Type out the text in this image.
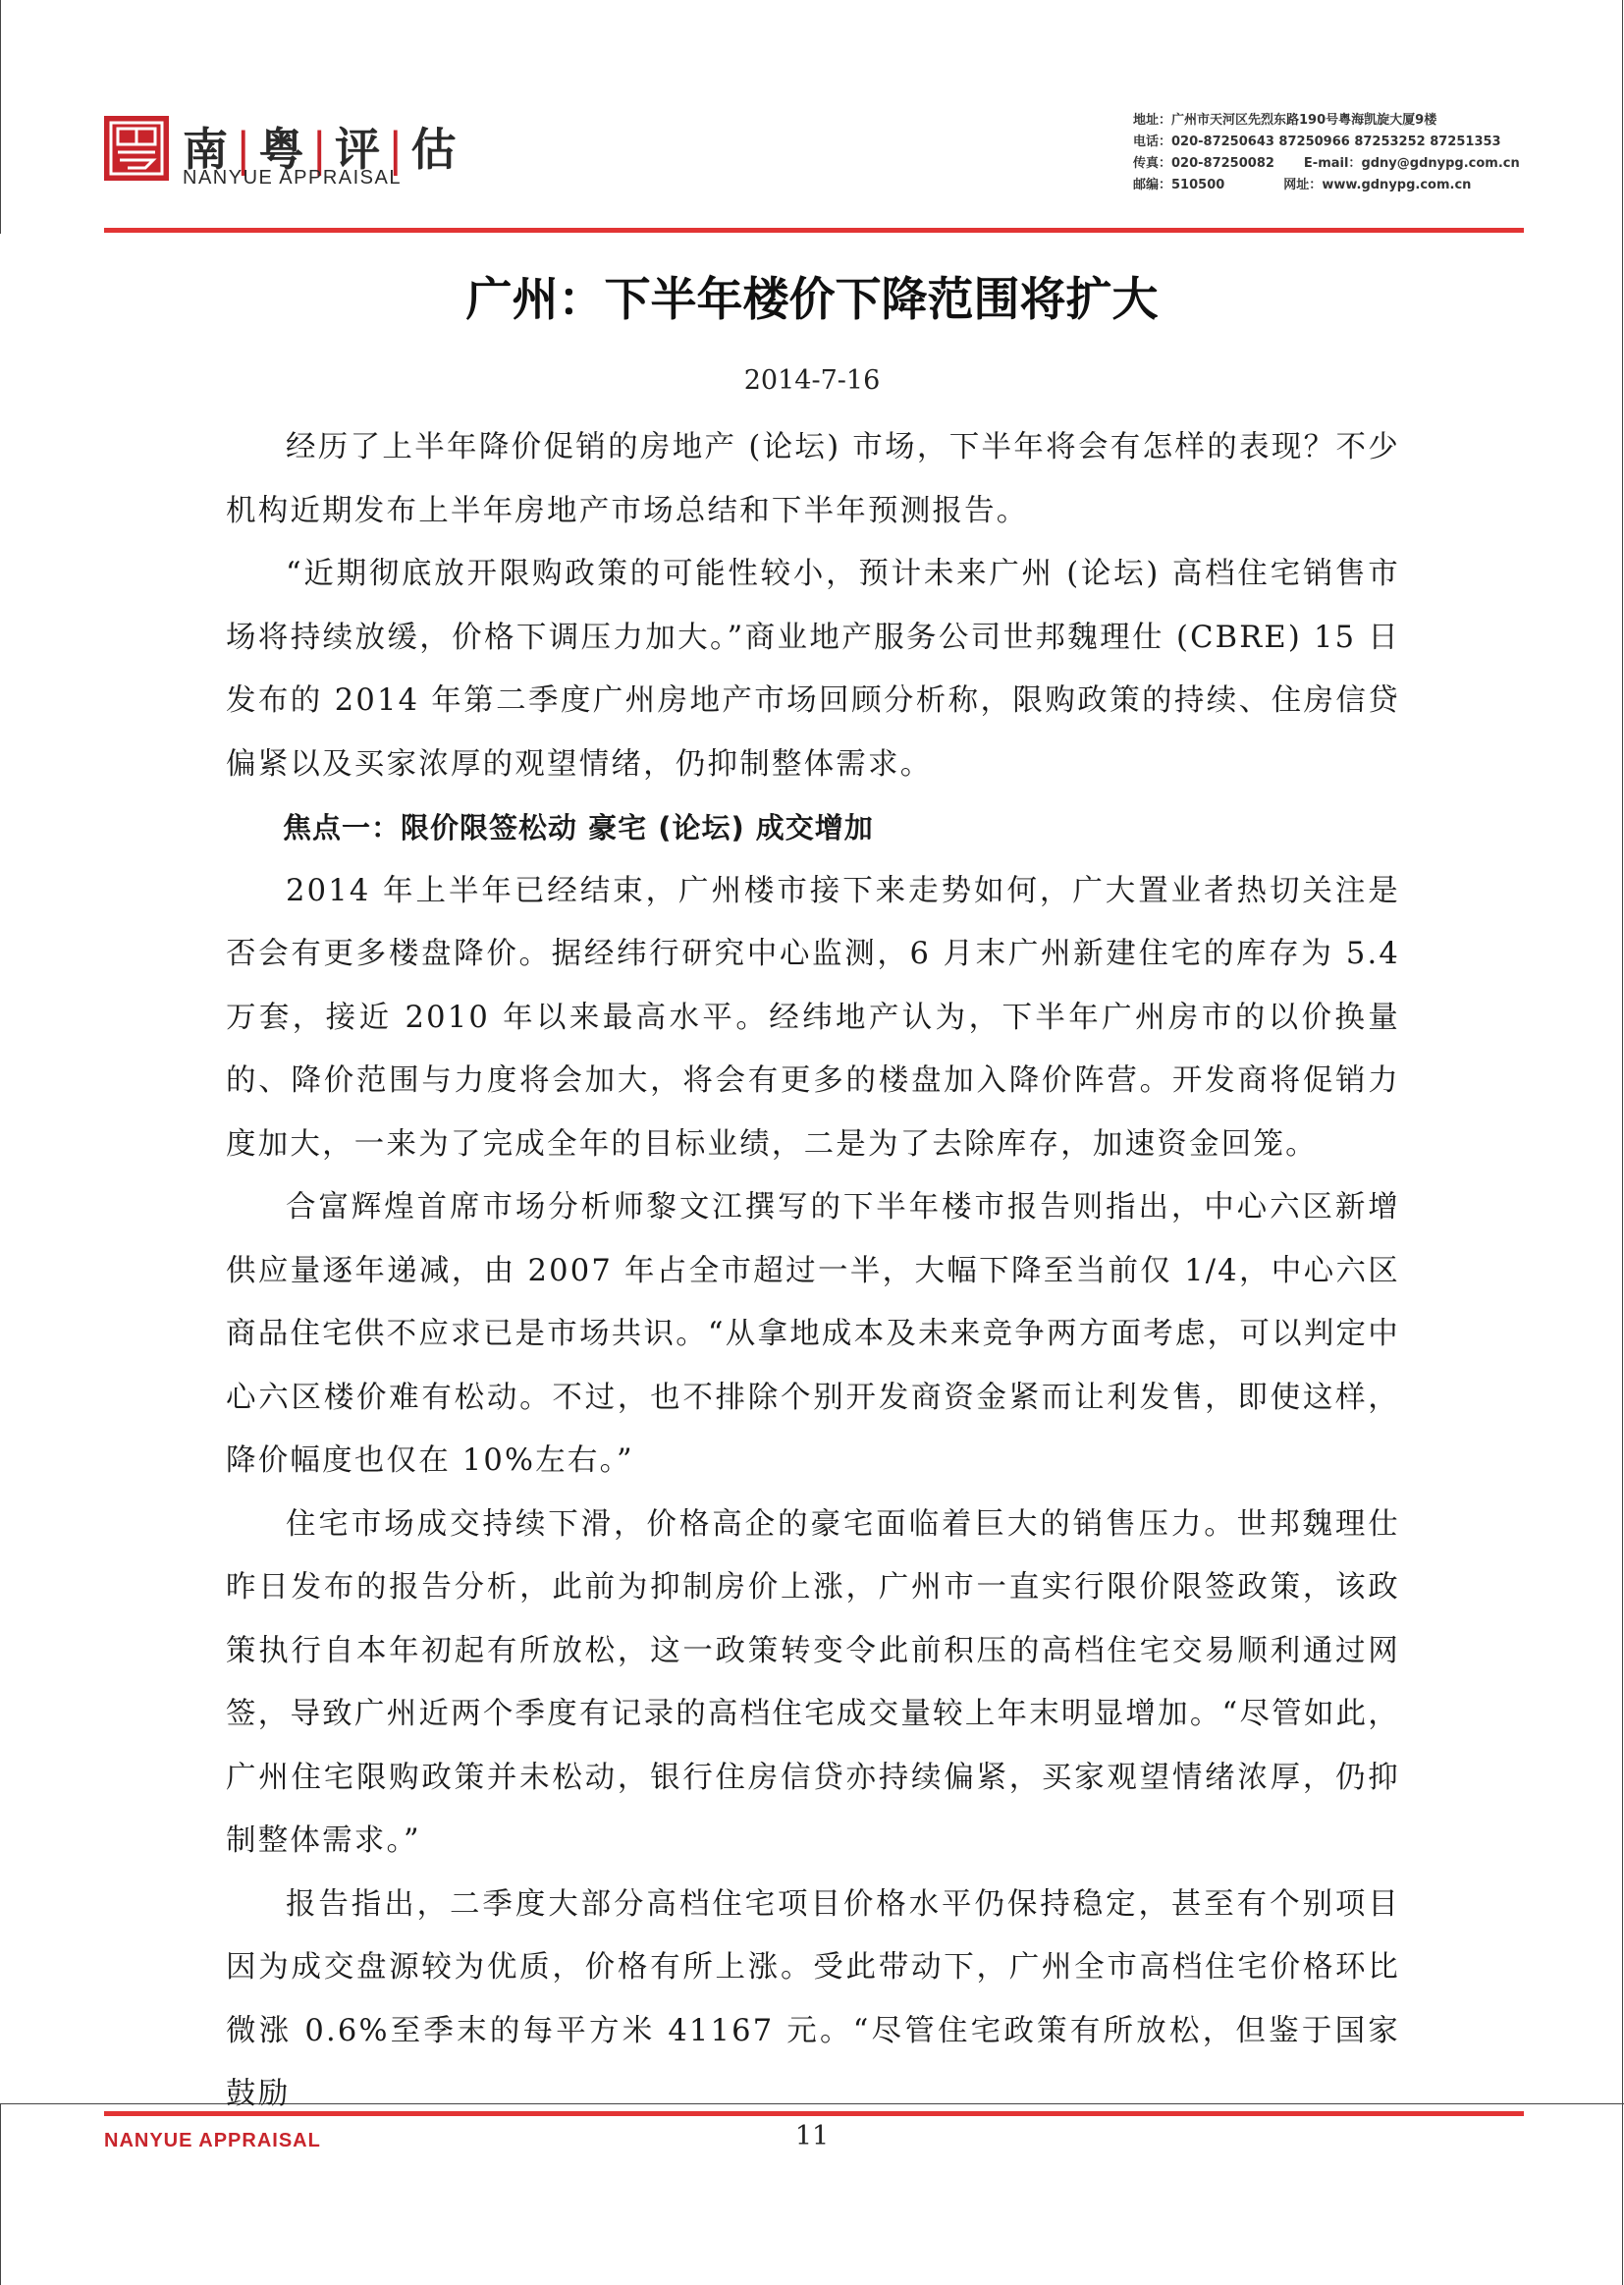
南 | 粤 | 评 | 估
NANYUE APPRAISAL
地址：广州市天河区先烈东路190号粤海凯旋大厦9楼
电话：020-87250643 87250966 87253252 87251353
传真：020-87250082 E-mail：gdny@gdnypg.com.cn
邮编：510500	网址：www.gdnypg.com.cn
广州：下半年楼价下降范围将扩大
2014-7-16

经历了上半年降价促销的房地产 (论坛) 市场，下半年将会有怎样的表现？不少机构近期发布上半年房地产市场总结和下半年预测报告。

“近期彻底放开限购政策的可能性较小，预计未来广州 (论坛) 高档住宅销售市场将持续放缓，价格下调压力加大。”商业地产服务公司世邦魏理仕 (CBRE) 15 日发布的 2014 年第二季度广州房地产市场回顾分析称，限购政策的持续、住房信贷偏紧以及买家浓厚的观望情绪，仍抑制整体需求。

焦点一：限价限签松动 豪宅 (论坛) 成交增加

2014 年上半年已经结束，广州楼市接下来走势如何，广大置业者热切关注是否会有更多楼盘降价。据经纬行研究中心监测，6 月末广州新建住宅的库存为 5.4 万套，接近 2010 年以来最高水平。经纬地产认为，下半年广州房市的以价换量的、降价范围与力度将会加大，将会有更多的楼盘加入降价阵营。开发商将促销力度加大，一来为了完成全年的目标业绩，二是为了去除库存，加速资金回笼。

合富辉煌首席市场分析师黎文江撰写的下半年楼市报告则指出，中心六区新增供应量逐年递减，由 2007 年占全市超过一半，大幅下降至当前仅 1/4，中心六区商品住宅供不应求已是市场共识。“从拿地成本及未来竞争两方面考虑，可以判定中心六区楼价难有松动。不过，也不排除个别开发商资金紧而让利发售，即使这样，降价幅度也仅在 10%左右。”

住宅市场成交持续下滑，价格高企的豪宅面临着巨大的销售压力。世邦魏理仕昨日发布的报告分析，此前为抑制房价上涨，广州市一直实行限价限签政策，该政策执行自本年初起有所放松，这一政策转变令此前积压的高档住宅交易顺利通过网签，导致广州近两个季度有记录的高档住宅成交量较上年末明显增加。“尽管如此，广州住宅限购政策并未松动，银行住房信贷亦持续偏紧，买家观望情绪浓厚，仍抑制整体需求。”

报告指出，二季度大部分高档住宅项目价格水平仍保持稳定，甚至有个别项目因为成交盘源较为优质，价格有所上涨。受此带动下，广州全市高档住宅价格环比微涨 0.6%至季末的每平方米 41167 元。“尽管住宅政策有所放松，但鉴于国家鼓励

NANYUE APPRAISAL	11
